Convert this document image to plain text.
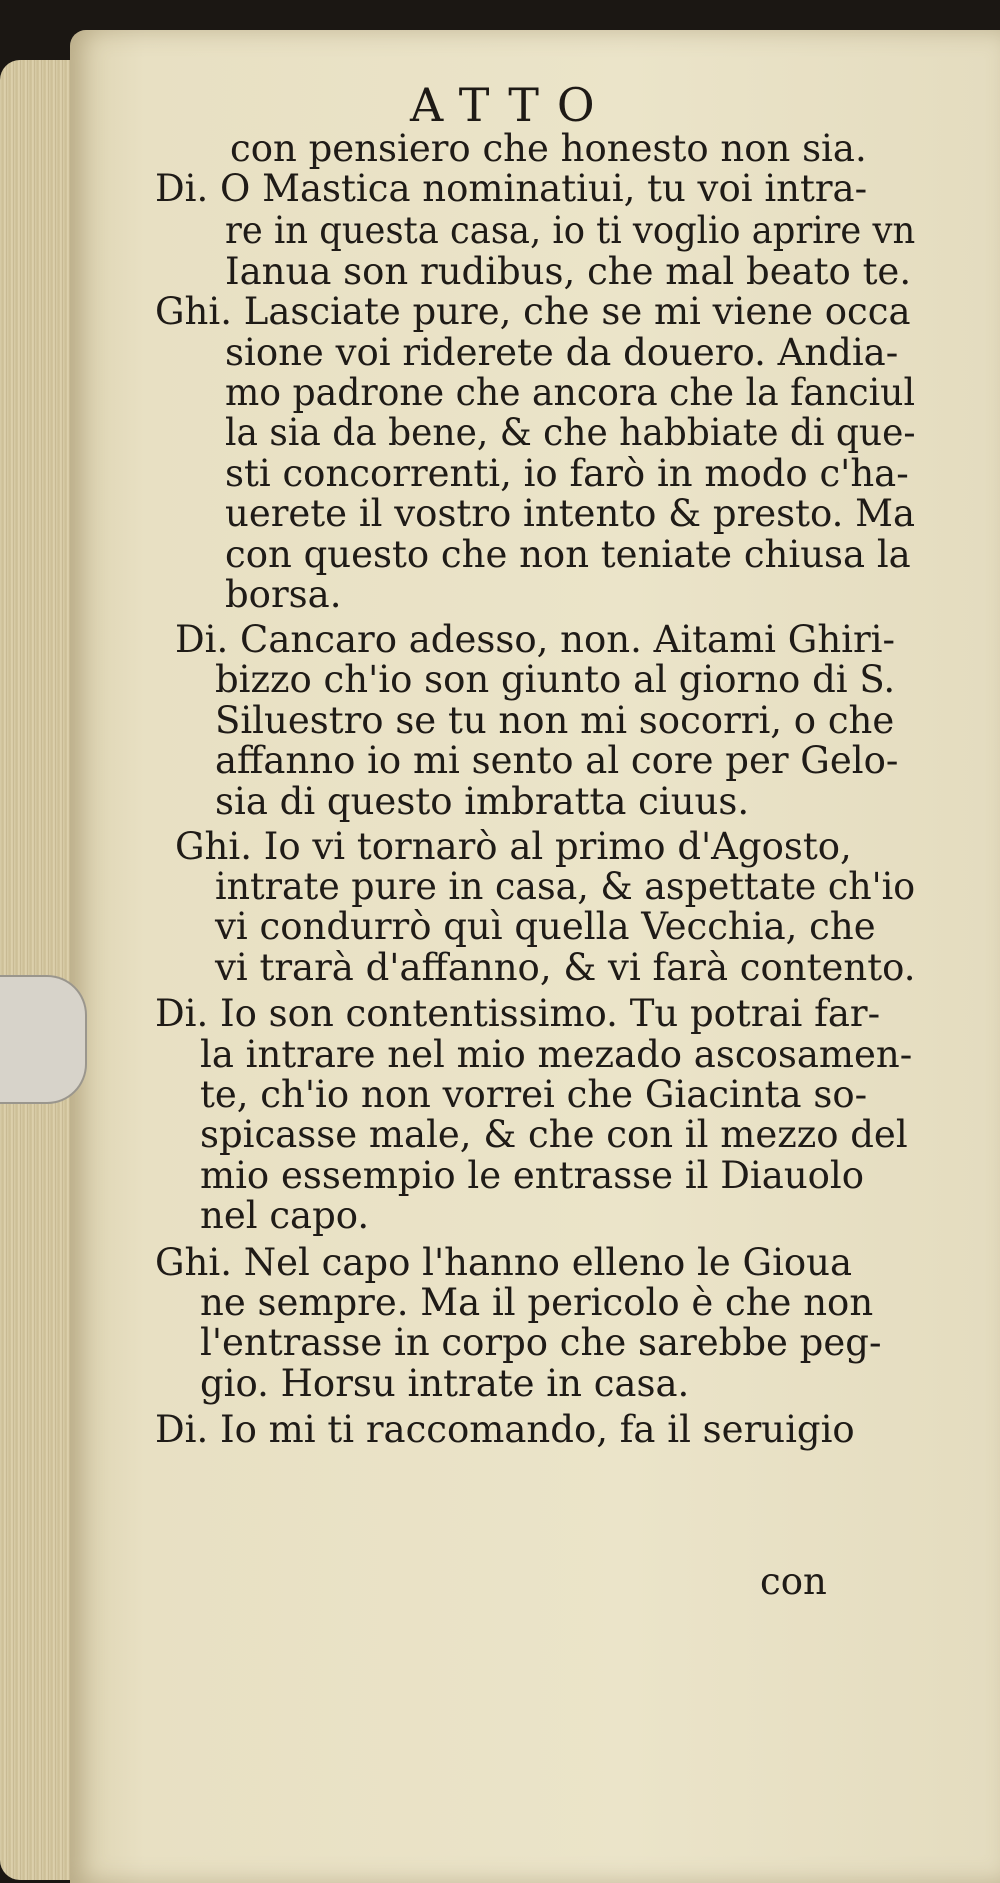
ATTO
con pensiero che honesto non sia.
Di. O Mastica nominatiui, tu voi intra-
re in questa casa, io ti voglio aprire vn
Ianua son rudibus, che mal beato te.
Ghi. Lasciate pure, che se mi viene occa
sione voi riderete da douero. Andia-
mo padrone che ancora che la fanciul
la sia da bene, & che habbiate di que-
sti concorrenti, io farò in modo c'ha-
uerete il vostro intento & presto. Ma
con questo che non teniate chiusa la
borsa.
Di. Cancaro adesso, non. Aitami Ghiri-
bizzo ch'io son giunto al giorno di S.
Siluestro se tu non mi socorri, o che
affanno io mi sento al core per Gelo-
sia di questo imbratta ciuus.
Ghi. Io vi tornarò al primo d'Agosto,
intrate pure in casa, & aspettate ch'io
vi condurrò quì quella Vecchia, che
vi trarà d'affanno, & vi farà contento.
Di. Io son contentissimo. Tu potrai far-
la intrare nel mio mezado ascosamen-
te, ch'io non vorrei che Giacinta so-
spicasse male, & che con il mezzo del
mio essempio le entrasse il Diauolo
nel capo.
Ghi. Nel capo l'hanno elleno le Gioua
ne sempre. Ma il pericolo è che non
l'entrasse in corpo che sarebbe peg-
gio. Horsu intrate in casa.
Di. Io mi ti raccomando, fa il seruigio
con
